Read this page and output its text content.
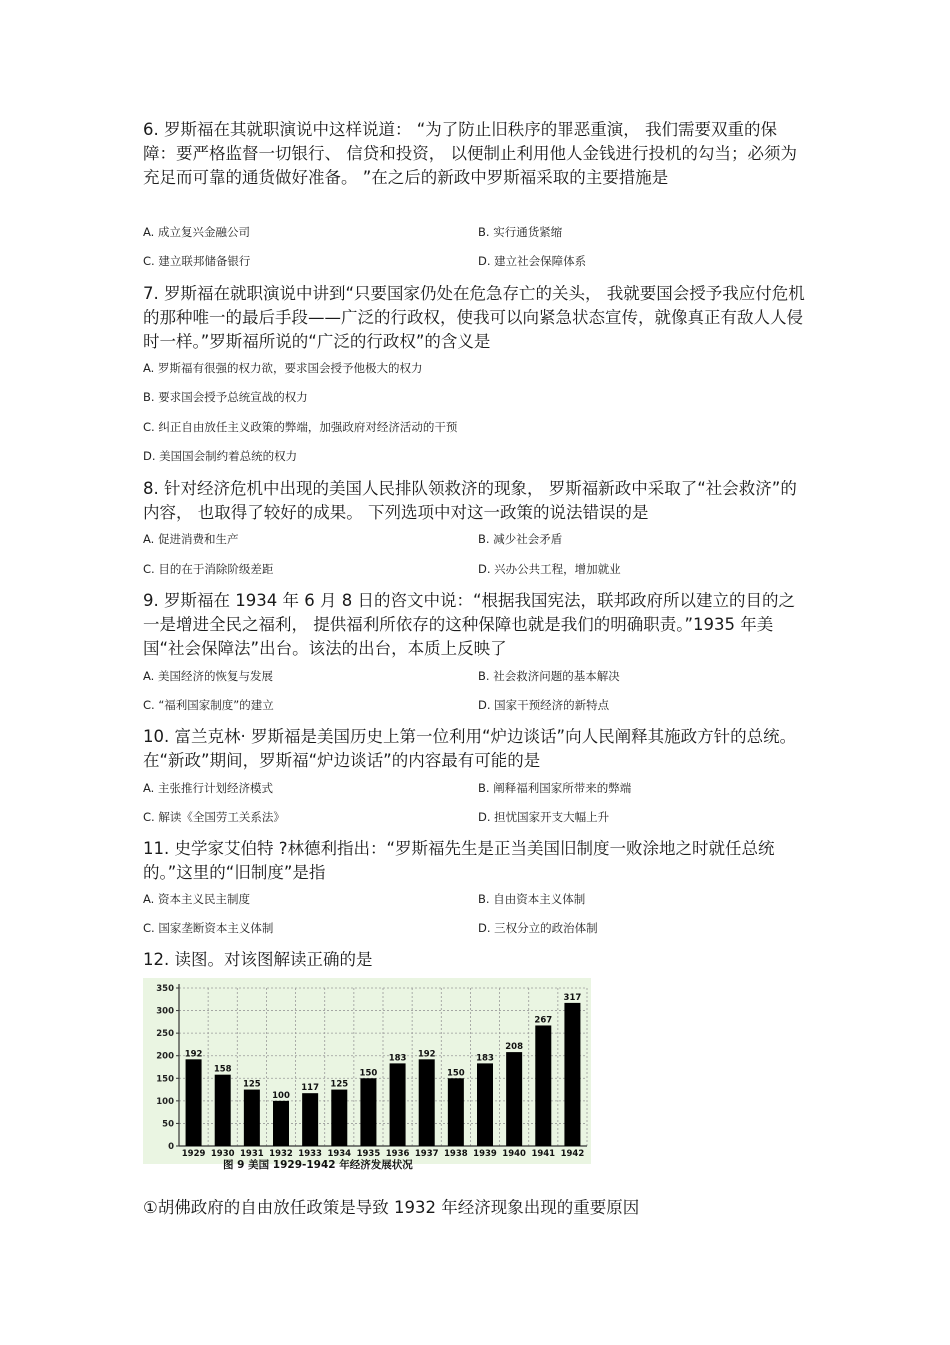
6. 罗斯福在其就职演说中这样说道： “为了防止旧秩序的罪恶重演， 我们需要双重的保障：要严格监督一切银行、 信贷和投资， 以便制止利用他人金钱进行投机的勾当；必须为充足而可靠的通货做好准备。 ”在之后的新政中罗斯福采取的主要措施是
A. 成立复兴金融公司	B. 实行通货紧缩
C. 建立联邦储备银行	D. 建立社会保障体系
7. 罗斯福在就职演说中讲到“只要国家仍处在危急存亡的关头， 我就要国会授予我应付危机的那种唯一的最后手段——广泛的行政权，使我可以向紧急状态宣传，就像真正有敌人人侵时一样。”罗斯福所说的“广泛的行政权”的含义是
A. 罗斯福有很强的权力欲，要求国会授予他极大的权力
B. 要求国会授予总统宣战的权力
C. 纠正自由放任主义政策的弊端，加强政府对经济活动的干预
D. 美国国会制约着总统的权力
8. 针对经济危机中出现的美国人民排队领救济的现象， 罗斯福新政中采取了“社会救济”的内容， 也取得了较好的成果。 下列选项中对这一政策的说法错误的是
A. 促进消费和生产	B. 减少社会矛盾
C. 目的在于消除阶级差距	D. 兴办公共工程，增加就业
9. 罗斯福在 1934 年 6 月 8 日的咨文中说：“根据我国宪法，联邦政府所以建立的目的之一是增进全民之福利， 提供福利所依存的这种保障也就是我们的明确职责。”1935 年美国“社会保障法”出台。该法的出台，本质上反映了
A. 美国经济的恢复与发展	B. 社会救济问题的基本解决
C. “福利国家制度”的建立	D. 国家干预经济的新特点
10. 富兰克林· 罗斯福是美国历史上第一位利用“炉边谈话”向人民阐释其施政方针的总统。在“新政”期间，罗斯福“炉边谈话”的内容最有可能的是
A. 主张推行计划经济模式	B. 阐释福利国家所带来的弊端
C. 解读《全国劳工关系法》	D. 担忧国家开支大幅上升
11. 史学家艾伯特 ?林德利指出：“罗斯福先生是正当美国旧制度一败涂地之时就任总统的。”这里的“旧制度”是指
A. 资本主义民主制度	B. 自由资本主义体制
C. 国家垄断资本主义体制	D. 三权分立的政治体制
12. 读图。对该图解读正确的是
0
50
100
150
200
250
300
350
192
1929
158
1930
125
1931
100
1932
117
1933
125
1934
150
1935
183
1936
192
1937
150
1938
183
1939
208
1940
267
1941
317
1942
图 9 美国 1929-1942 年经济发展状况
①胡佛政府的自由放任政策是导致 1932 年经济现象出现的重要原因
